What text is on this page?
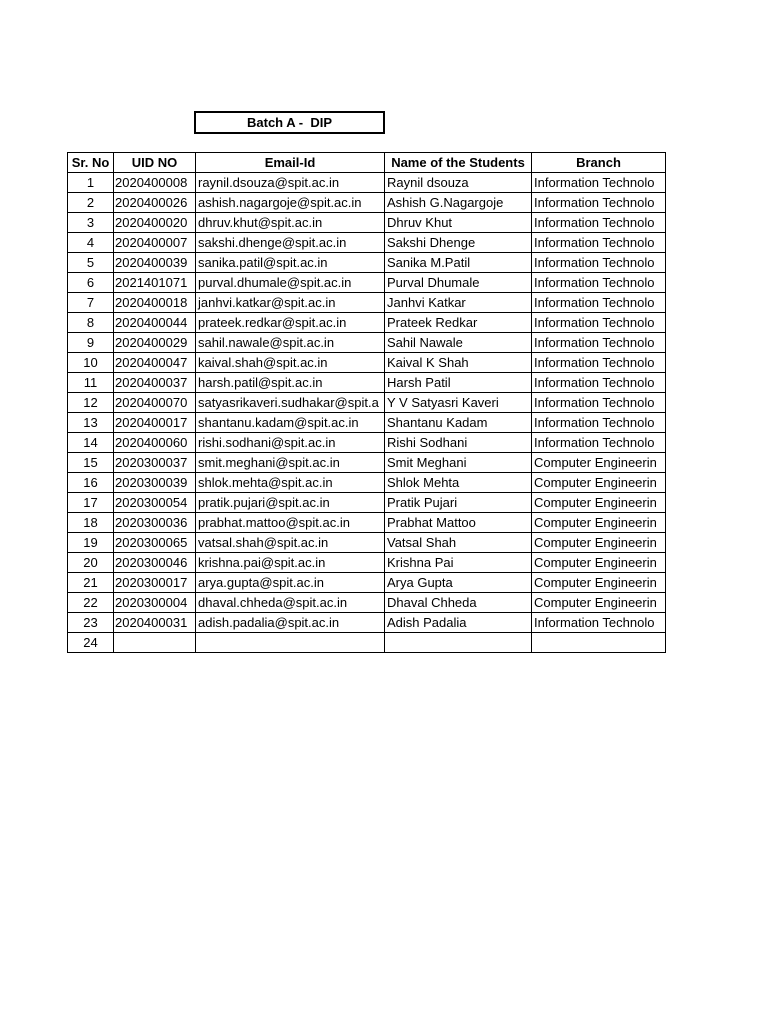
Batch A -  DIP
Sr. No	UID NO	Email-Id	Name of the Students	Branch
1	2020400008	raynil.dsouza@spit.ac.in	Raynil dsouza	Information Technolo
2	2020400026	ashish.nagargoje@spit.ac.in	Ashish G.Nagargoje	Information Technolo
3	2020400020	dhruv.khut@spit.ac.in	Dhruv Khut	Information Technolo
4	2020400007	sakshi.dhenge@spit.ac.in	Sakshi Dhenge	Information Technolo
5	2020400039	sanika.patil@spit.ac.in	Sanika M.Patil	Information Technolo
6	2021401071	purval.dhumale@spit.ac.in	Purval Dhumale	Information Technolo
7	2020400018	janhvi.katkar@spit.ac.in	Janhvi Katkar	Information Technolo
8	2020400044	prateek.redkar@spit.ac.in	Prateek Redkar	Information Technolo
9	2020400029	sahil.nawale@spit.ac.in	Sahil Nawale	Information Technolo
10	2020400047	kaival.shah@spit.ac.in	Kaival K Shah	Information Technolo
11	2020400037	harsh.patil@spit.ac.in	Harsh Patil	Information Technolo
12	2020400070	satyasrikaveri.sudhakar@spit.a	Y V Satyasri Kaveri	Information Technolo
13	2020400017	shantanu.kadam@spit.ac.in	Shantanu Kadam	Information Technolo
14	2020400060	rishi.sodhani@spit.ac.in	Rishi Sodhani	Information Technolo
15	2020300037	smit.meghani@spit.ac.in	Smit Meghani	Computer Engineerin
16	2020300039	shlok.mehta@spit.ac.in	Shlok Mehta	Computer Engineerin
17	2020300054	pratik.pujari@spit.ac.in	Pratik Pujari	Computer Engineerin
18	2020300036	prabhat.mattoo@spit.ac.in	Prabhat Mattoo	Computer Engineerin
19	2020300065	vatsal.shah@spit.ac.in	Vatsal Shah	Computer Engineerin
20	2020300046	krishna.pai@spit.ac.in	Krishna Pai	Computer Engineerin
21	2020300017	arya.gupta@spit.ac.in	Arya Gupta	Computer Engineerin
22	2020300004	dhaval.chheda@spit.ac.in	Dhaval Chheda	Computer Engineerin
23	2020400031	adish.padalia@spit.ac.in	Adish Padalia	Information Technolo
24				
